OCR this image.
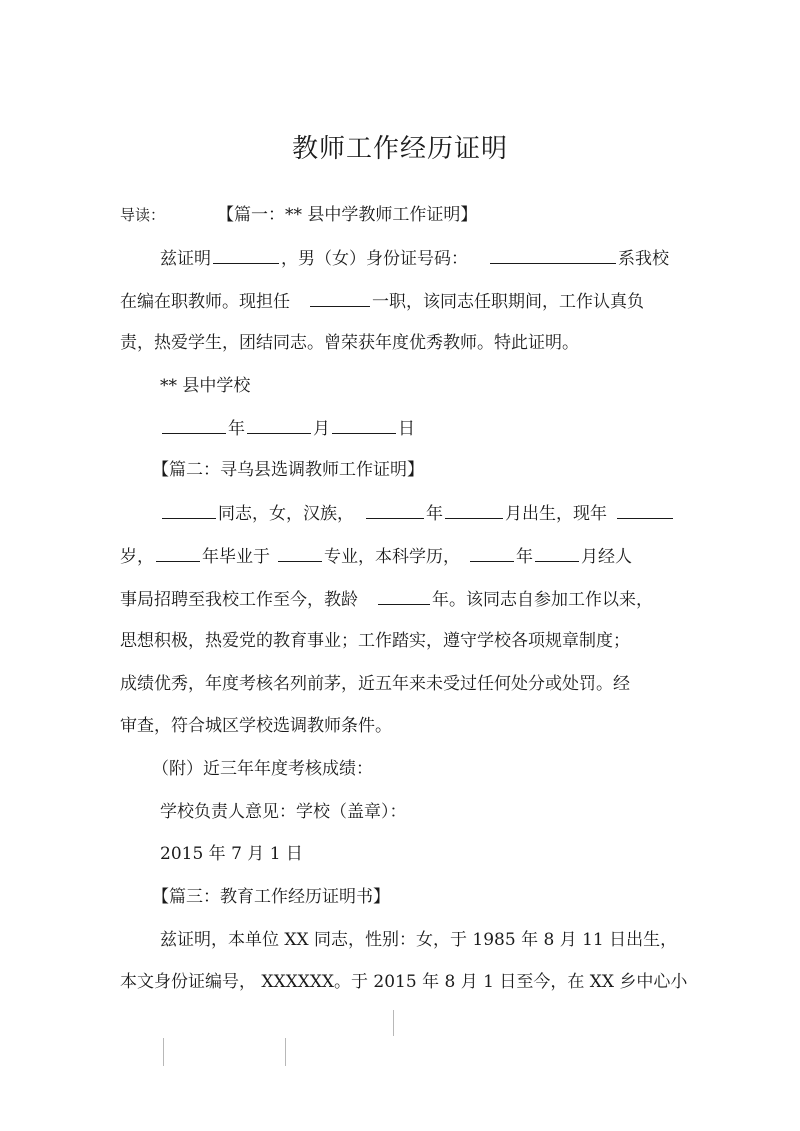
教师工作经历证明
导读：	【篇一：** 县中学教师工作证明】
兹证明	，男（女）身份证号码：	系我校
在编在职教师。现担任	一职，该同志任职期间，工作认真负
责，热爱学生，团结同志。曾荣获年度优秀教师。特此证明。
** 县中学校
年	月	日
【篇二：寻乌县选调教师工作证明】
同志，女，汉族，	年	月出生，现年
岁，	年毕业于	专业，本科学历，	年	月经人
事局招聘至我校工作至今，教龄	年。该同志自参加工作以来，
思想积极，热爱党的教育事业；工作踏实，遵守学校各项规章制度；
成绩优秀，年度考核名列前茅，近五年来未受过任何处分或处罚。经
审查，符合城区学校选调教师条件。
（附）近三年年度考核成绩：
学校负责人意见：学校（盖章）：
2015 年 7 月 1 日
【篇三：教育工作经历证明书】
兹证明，本单位 XX 同志，性别：女，于 1985 年 8 月 11 日出生，
本文身份证编号， XXXXXX。于 2015 年 8 月 1 日至今，在 XX 乡中心小
